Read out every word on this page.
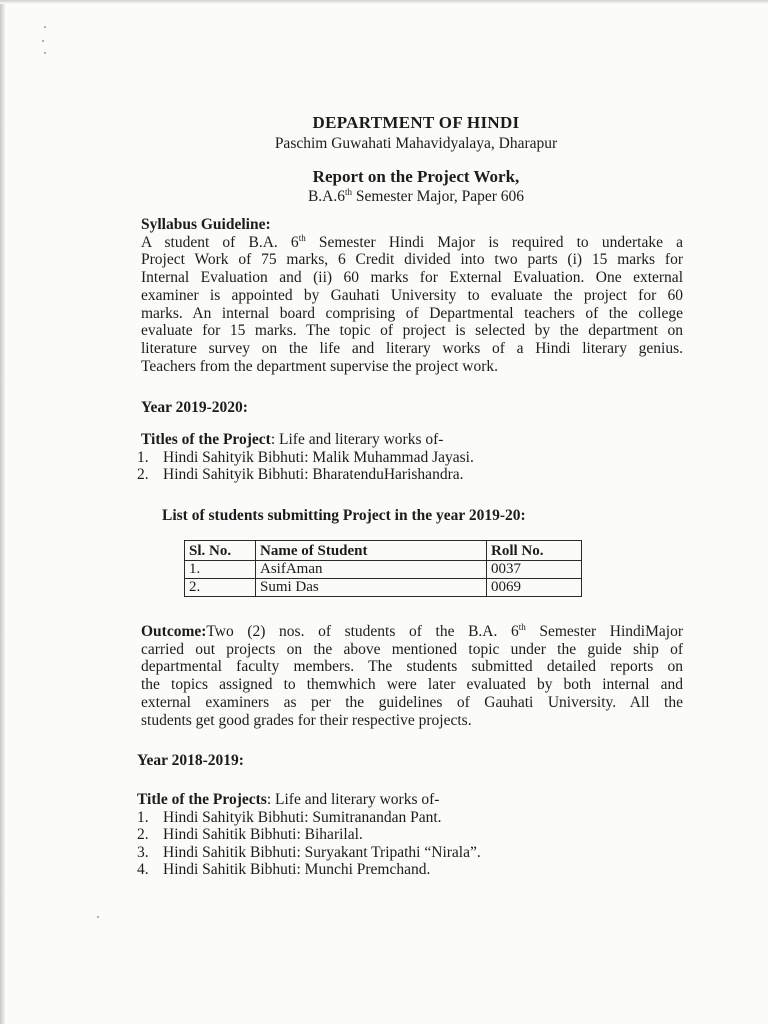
DEPARTMENT OF HINDI
Paschim Guwahati Mahavidyalaya, Dharapur
Report on the Project Work,
B.A.6th Semester Major, Paper 606
Syllabus Guideline:
A student of B.A. 6th Semester Hindi Major is required to undertake a
Project Work of 75 marks, 6 Credit divided into two parts (i) 15 marks for
Internal Evaluation and (ii) 60 marks for External Evaluation. One external
examiner is appointed by Gauhati University to evaluate the project for 60
marks. An internal board comprising of Departmental teachers of the college
evaluate for 15 marks. The topic of project is selected by the department on
literature survey on the life and literary works of a Hindi literary genius.
Teachers from the department supervise the project work.
Year 2019-2020:
Titles of the Project: Life and literary works of-
1. Hindi Sahityik Bibhuti: Malik Muhammad Jayasi.
2. Hindi Sahityik Bibhuti: BharatenduHarishandra.
List of students submitting Project in the year 2019-20:
Sl. No.	Name of Student	Roll No.
1.	AsifAman	0037
2.	Sumi Das	0069
Outcome:Two (2) nos. of students of the B.A. 6th Semester HindiMajor
carried out projects on the above mentioned topic under the guide ship of
departmental faculty members. The students submitted detailed reports on
the topics assigned to themwhich were later evaluated by both internal and
external examiners as per the guidelines of Gauhati University. All the
students get good grades for their respective projects.
Year 2018-2019:
Title of the Projects: Life and literary works of-
1. Hindi Sahityik Bibhuti: Sumitranandan Pant.
2. Hindi Sahitik Bibhuti: Biharilal.
3. Hindi Sahitik Bibhuti: Suryakant Tripathi “Nirala”.
4. Hindi Sahitik Bibhuti: Munchi Premchand.
